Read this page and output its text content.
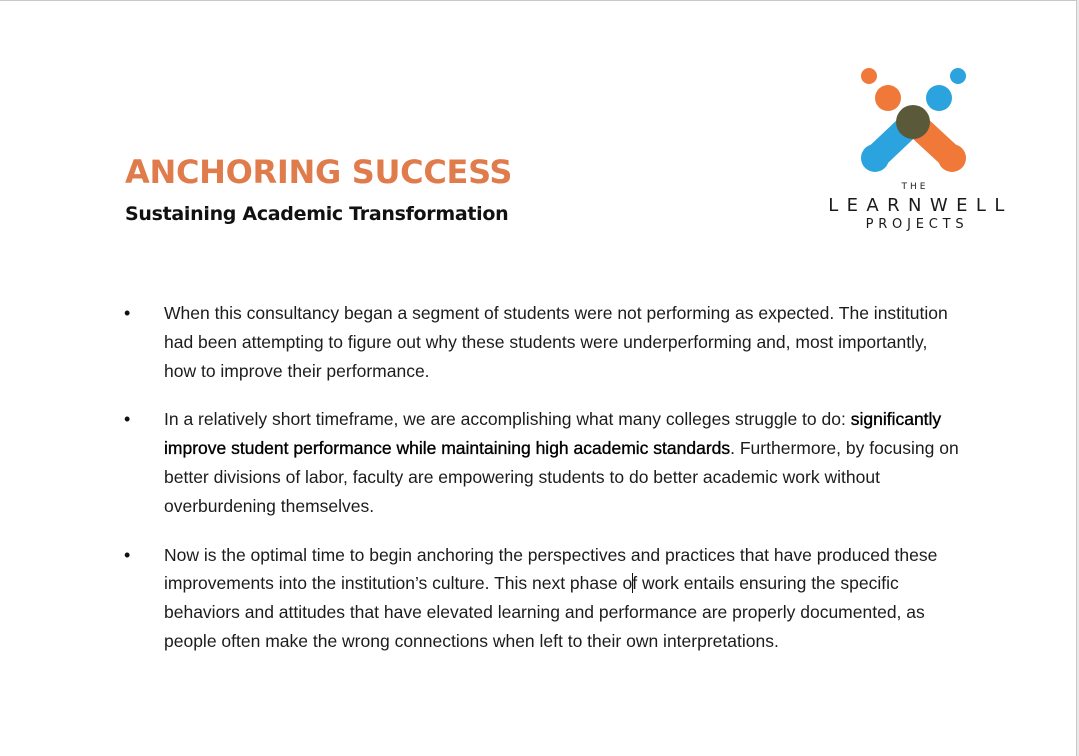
ANCHORING SUCCESS
Sustaining Academic Transformation
THE
LEARNWELL
PROJECTS
• When this consultancy began a segment of students were not performing as expected. The institution had been attempting to figure out why these students were underperforming and, most importantly, how to improve their performance.
• In a relatively short timeframe, we are accomplishing what many colleges struggle to do: significantly improve student performance while maintaining high academic standards. Furthermore, by focusing on better divisions of labor, faculty are empowering students to do better academic work without overburdening themselves.
• Now is the optimal time to begin anchoring the perspectives and practices that have produced these improvements into the institution’s culture. This next phase of work entails ensuring the specific behaviors and attitudes that have elevated learning and performance are properly documented, as people often make the wrong connections when left to their own interpretations.
